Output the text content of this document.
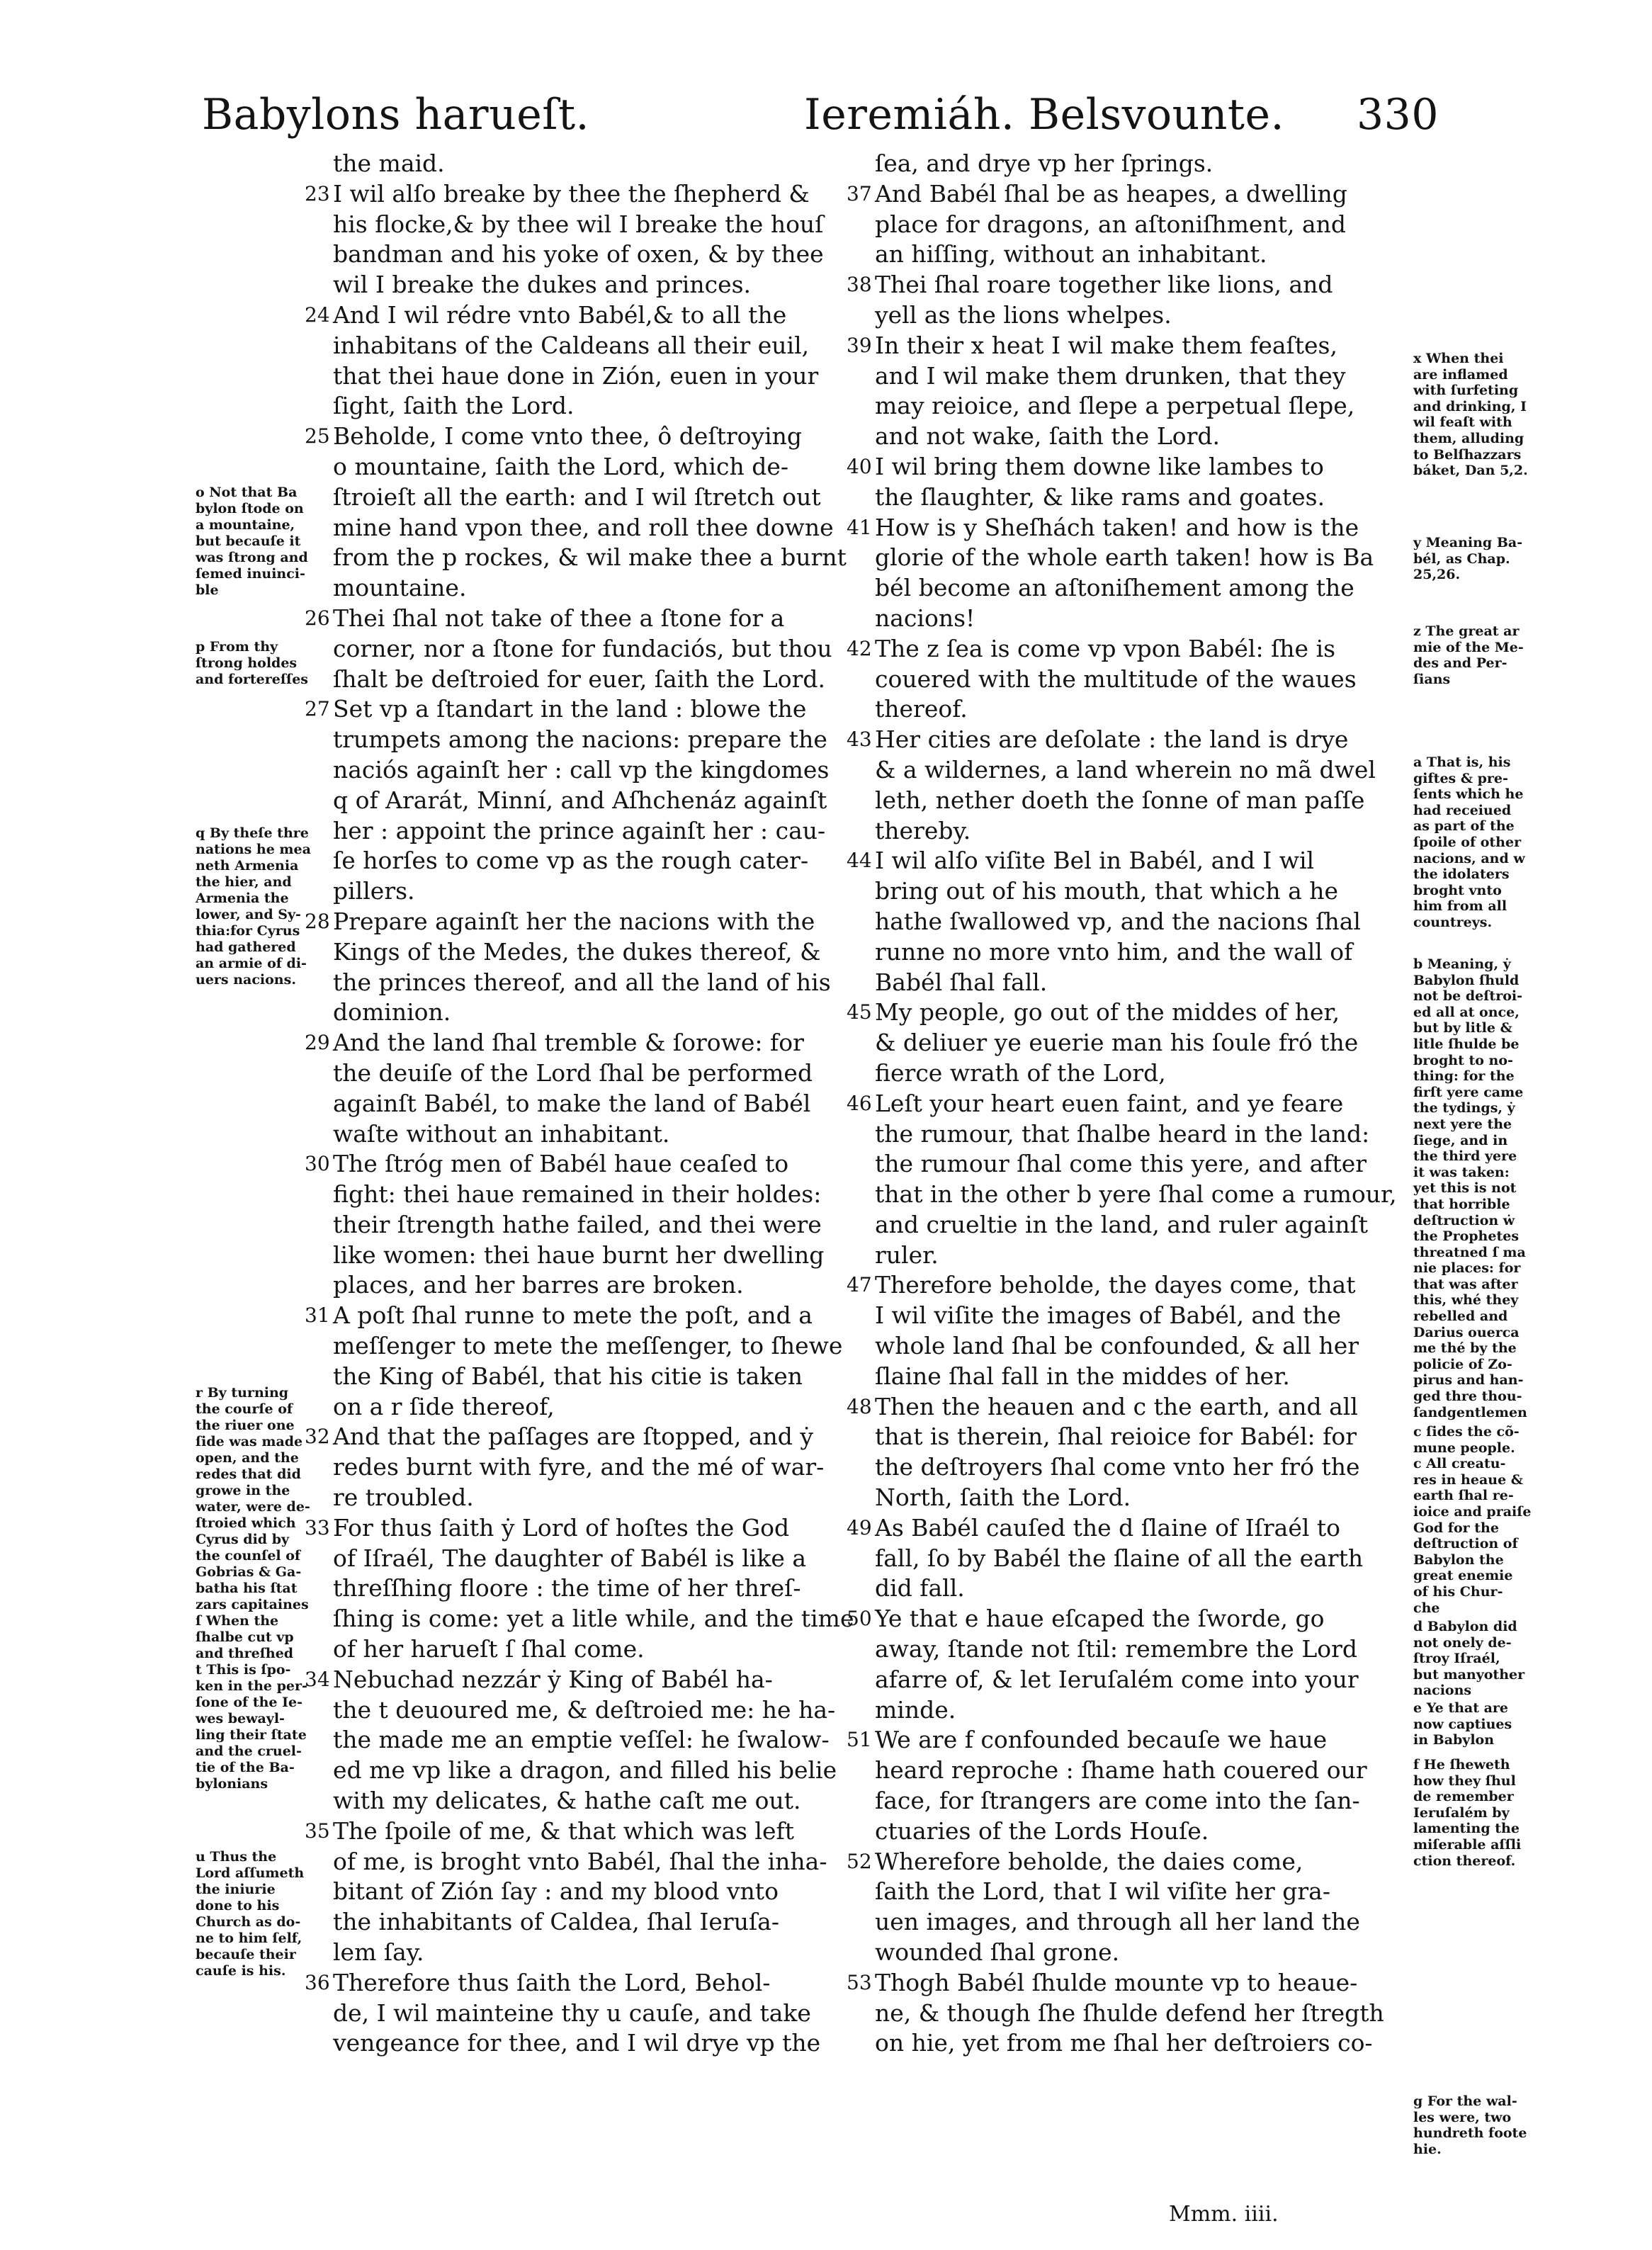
Babylons harueſt.	Ieremiáh. Belsvounte. 330
o Not that Ba
bylon ſtode on
a mountaine,
but becauſe it
was ſtrong and
ſemed inuinci-
ble
p From thy
ſtrong holdes
and fortereſſes
q By theſe thre
nations he mea
neth Armenia
the hier, and
Armenia the
lower, and Sy-
thia:for Cyrus
had gathered
an armie of di-
uers nacions.
r By turning
the courſe of
the riuer one
ſide was made
open, and the
redes that did
growe in the
water, were de-
ſtroied which
Cyrus did by
the counſel of
Gobrias & Ga-
batha his ſtat
zars capitaines
ſ When the
ſhalbe cut vp
and threſhed
t This is ſpo-
ken in the per-
ſone of the Ie-
wes bewayl-
ling their ſtate
and the cruel-
tie of the Ba-
bylonians
u Thus the
Lord aſſumeth
the iniurie
done to his
Church as do-
ne to him ſelf,
becauſe their
cauſe is his.
the maid.
23 I wil alſo breake by thee the ſhepherd &
his flocke,& by thee wil I breake the houſ
bandman and his yoke of oxen, & by thee
wil I breake the dukes and princes.
24 And I wil rédre vnto Babél,& to all the
inhabitans of the Caldeans all their euil,
that thei haue done in Zión, euen in your
ſight, ſaith the Lord.
25 Beholde, I come vnto thee, ô deſtroying
o mountaine, ſaith the Lord, which de-
ſtroieſt all the earth: and I wil ſtretch out
mine hand vpon thee, and roll thee downe
from the p rockes, & wil make thee a burnt
mountaine.
26 Thei ſhal not take of thee a ſtone for a
corner, nor a ſtone for fundaciós, but thou
ſhalt be deſtroied for euer, ſaith the Lord.
27 Set vp a ſtandart in the land : blowe the
trumpets among the nacions: prepare the
naciós againſt her : call vp the kingdomes
q of Ararát, Minní, and Aſhchenáz againſt
her : appoint the prince againſt her : cau-
ſe horſes to come vp as the rough cater-
pillers.
28 Prepare againſt her the nacions with the
Kings of the Medes, the dukes thereof, &
the princes thereof, and all the land of his
dominion.
29 And the land ſhal tremble & ſorowe: for
the deuiſe of the Lord ſhal be performed
againſt Babél, to make the land of Babél
waſte without an inhabitant.
30 The ſtróg men of Babél haue ceaſed to
fight: thei haue remained in their holdes:
their ſtrength hathe failed, and thei were
like women: thei haue burnt her dwelling
places, and her barres are broken.
31 A poſt ſhal runne to mete the poſt, and a
meſſenger to mete the meſſenger, to ſhewe
the King of Babél, that his citie is taken
on a r ſide thereof,
32 And that the paſſages are ſtopped, and ẏ
redes burnt with fyre, and the mé of war-
re troubled.
33 For thus ſaith ẏ Lord of hoſtes the God
of Iſraél, The daughter of Babél is like a
threſſhing floore : the time of her threſ-
ſhing is come: yet a litle while, and the time
of her harueſt ſ ſhal come.
34 Nebuchad nezzár ẏ King of Babél ha-
the t deuoured me, & deſtroied me: he ha-
the made me an emptie veſſel: he ſwalow-
ed me vp like a dragon, and filled his belie
with my delicates, & hathe caſt me out.
35 The ſpoile of me, & that which was left
of me, is broght vnto Babél, ſhal the inha-
bitant of Zión ſay : and my blood vnto
the inhabitants of Caldea, ſhal Ieruſa-
lem ſay.
36 Therefore thus ſaith the Lord, Behol-
de, I wil mainteine thy u cauſe, and take
vengeance for thee, and I wil drye vp the
ſea, and drye vp her ſprings.
37 And Babél ſhal be as heapes, a dwelling
place for dragons, an aſtoniſhment, and
an hiſſing, without an inhabitant.
38 Thei ſhal roare together like lions, and
yell as the lions whelpes.
39 In their x heat I wil make them feaſtes,
and I wil make them drunken, that they
may reioice, and ſlepe a perpetual ſlepe,
and not wake, ſaith the Lord.
40 I wil bring them downe like lambes to
the ſlaughter, & like rams and goates.
41 How is y Sheſhách taken! and how is the
glorie of the whole earth taken! how is Ba
bél become an aſtoniſhement among the
nacions!
42 The z ſea is come vp vpon Babél: ſhe is
couered with the multitude of the waues
thereof.
43 Her cities are deſolate : the land is drye
& a wildernes, a land wherein no mã dwel
leth, nether doeth the ſonne of man paſſe
thereby.
44 I wil alſo viſite Bel in Babél, and I wil
bring out of his mouth, that which a he
hathe ſwallowed vp, and the nacions ſhal
runne no more vnto him, and the wall of
Babél ſhal fall.
45 My people, go out of the middes of her,
& deliuer ye euerie man his ſoule fró the
fierce wrath of the Lord,
46 Leſt your heart euen faint, and ye feare
the rumour, that ſhalbe heard in the land:
the rumour ſhal come this yere, and after
that in the other b yere ſhal come a rumour,
and crueltie in the land, and ruler againſt
ruler.
47 Therefore beholde, the dayes come, that
I wil viſite the images of Babél, and the
whole land ſhal be confounded, & all her
ſlaine ſhal fall in the middes of her.
48 Then the heauen and c the earth, and all
that is therein, ſhal reioice for Babél: for
the deſtroyers ſhal come vnto her fró the
North, ſaith the Lord.
49 As Babél cauſed the d ſlaine of Iſraél to
fall, ſo by Babél the ſlaine of all the earth
did fall.
50 Ye that e haue eſcaped the ſworde, go
away, ſtande not ſtil: remembre the Lord
afarre of, & let Ieruſalém come into your
minde.
51 We are f confounded becauſe we haue
heard reproche : ſhame hath couered our
face, for ſtrangers are come into the ſan-
ctuaries of the Lords Houſe.
52 Wherefore beholde, the daies come,
ſaith the Lord, that I wil viſite her gra-
uen images, and through all her land the
wounded ſhal grone.
53 Thogh Babél ſhulde mounte vp to heaue-
ne, & though ſhe ſhulde defend her ſtregth
on hie, yet from me ſhal her deſtroiers co-
x When thei
are inflamed
with ſurfeting
and drinking, I
wil feaſt with
them, alluding
to Belſhazzars
báket, Dan 5,2.
y Meaning Ba-
bél, as Chap.
25,26.
z The great ar
mie of the Me-
des and Per-
ſians
a That is, his
giftes & pre-
ſents which he
had receiued
as part of the
ſpoile of other
nacions, and w
the idolaters
broght vnto
him from all
countreys.
b Meaning, ẏ
Babylon ſhuld
not be deſtroi-
ed all at once,
but by litle &
litle ſhulde be
broght to no-
thing: for the
firſt yere came
the tydings, ẏ
next yere the
ſiege, and in
the third yere
it was taken:
yet this is not
that horrible
deſtruction ẇ
the Prophetes
threatned ſ ma
nie places: for
that was after
this, whé they
rebelled and
Darius ouerca
me thé by the
policie of Zo-
pirus and han-
ged thre thou-
ſandgentlemen
c ſides the cõ-
mune people.
c All creatu-
res in heaue &
earth ſhal re-
ioice and praiſe
God for the
deſtruction of
Babylon the
great enemie
of his Chur-
che
d Babylon did
not onely de-
ſtroy Iſraél,
but manyother
nacions
e Ye that are
now captiues
in Babylon
f He ſheweth
how they ſhul
de remember
Ieruſalém by
lamenting the
miſerable aſſli
ction thereof.
g For the wal-
les were, two
hundreth foote
hie.
Mmm. iiii.
